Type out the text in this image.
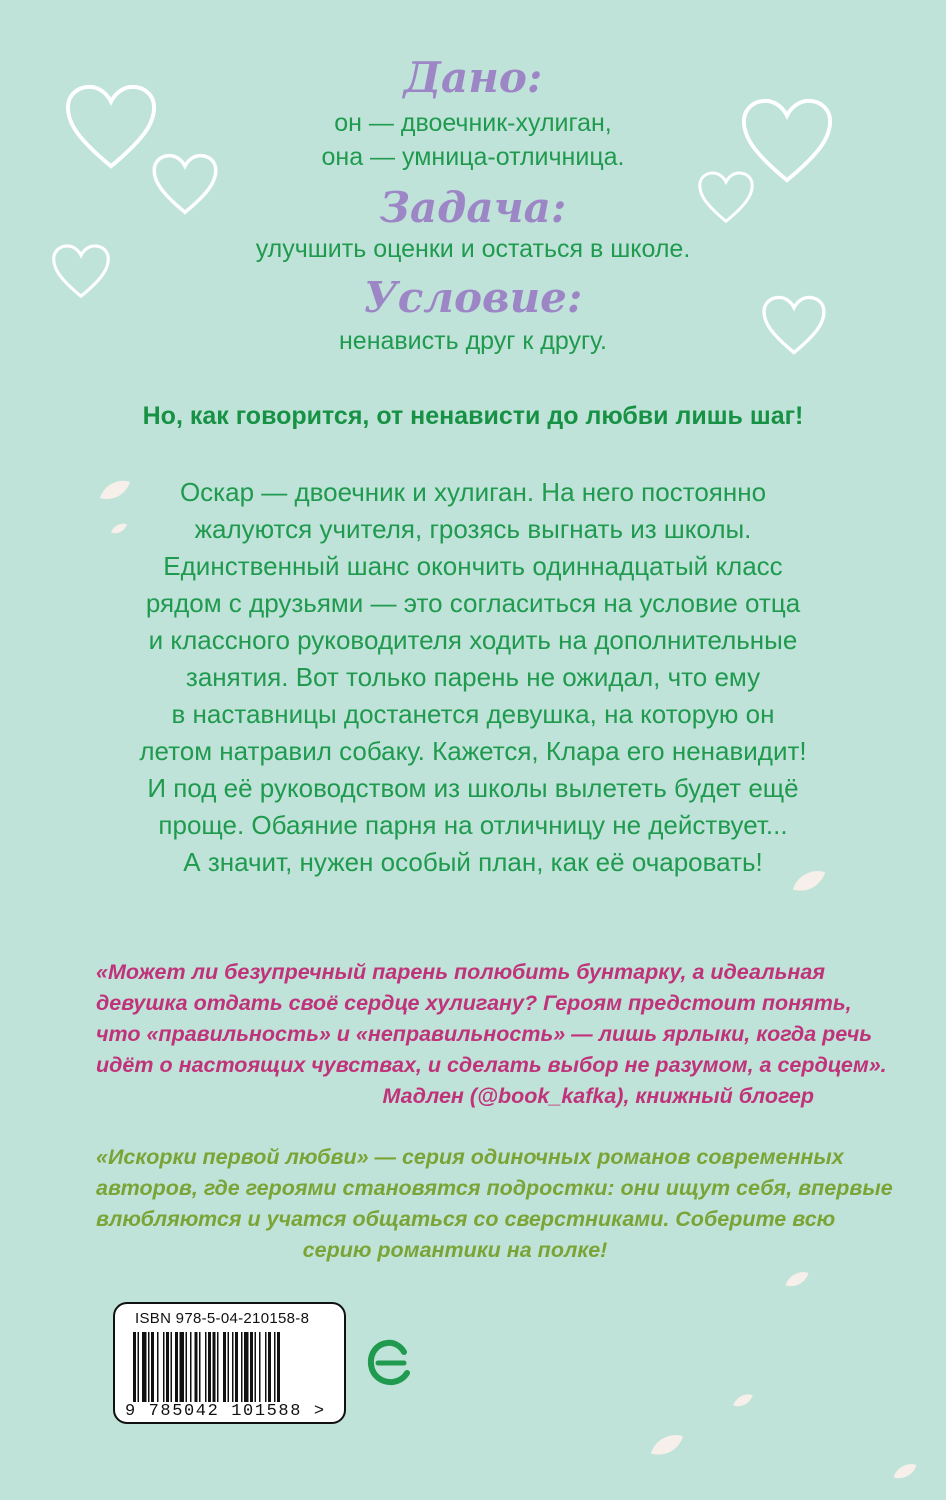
Дано:
он — двоечник-хулиган,
она — умница-отличница.
Задача:
улучшить оценки и остаться в школе.
Условие:
ненависть друг к другу.
Но, как говорится, от ненависти до любви лишь шаг!
Оскар — двоечник и хулиган. На него постоянно
жалуются учителя, грозясь выгнать из школы.
Единственный шанс окончить одиннадцатый класс
рядом с друзьями — это согласиться на условие отца
и классного руководителя ходить на дополнительные
занятия. Вот только парень не ожидал, что ему
в наставницы достанется девушка, на которую он
летом натравил собаку. Кажется, Клара его ненавидит!
И под её руководством из школы вылететь будет ещё
проще. Обаяние парня на отличницу не действует...
А значит, нужен особый план, как её очаровать!
«Может ли безупречный парень полюбить бунтарку, а идеальная
девушка отдать своё сердце хулигану? Героям предстоит понять,
что «правильность» и «неправильность» — лишь ярлыки, когда речь
идёт о настоящих чувствах, и сделать выбор не разумом, а сердцем».
Мадлен (@book_kafka), книжный блогер
«Искорки первой любви» — серия одиночных романов современных
авторов, где героями становятся подростки: они ищут себя, впервые
влюбляются и учатся общаться со сверстниками. Соберите всю
серию романтики на полке!
ISBN 978-5-04-210158-8
9 785042 101588 >
